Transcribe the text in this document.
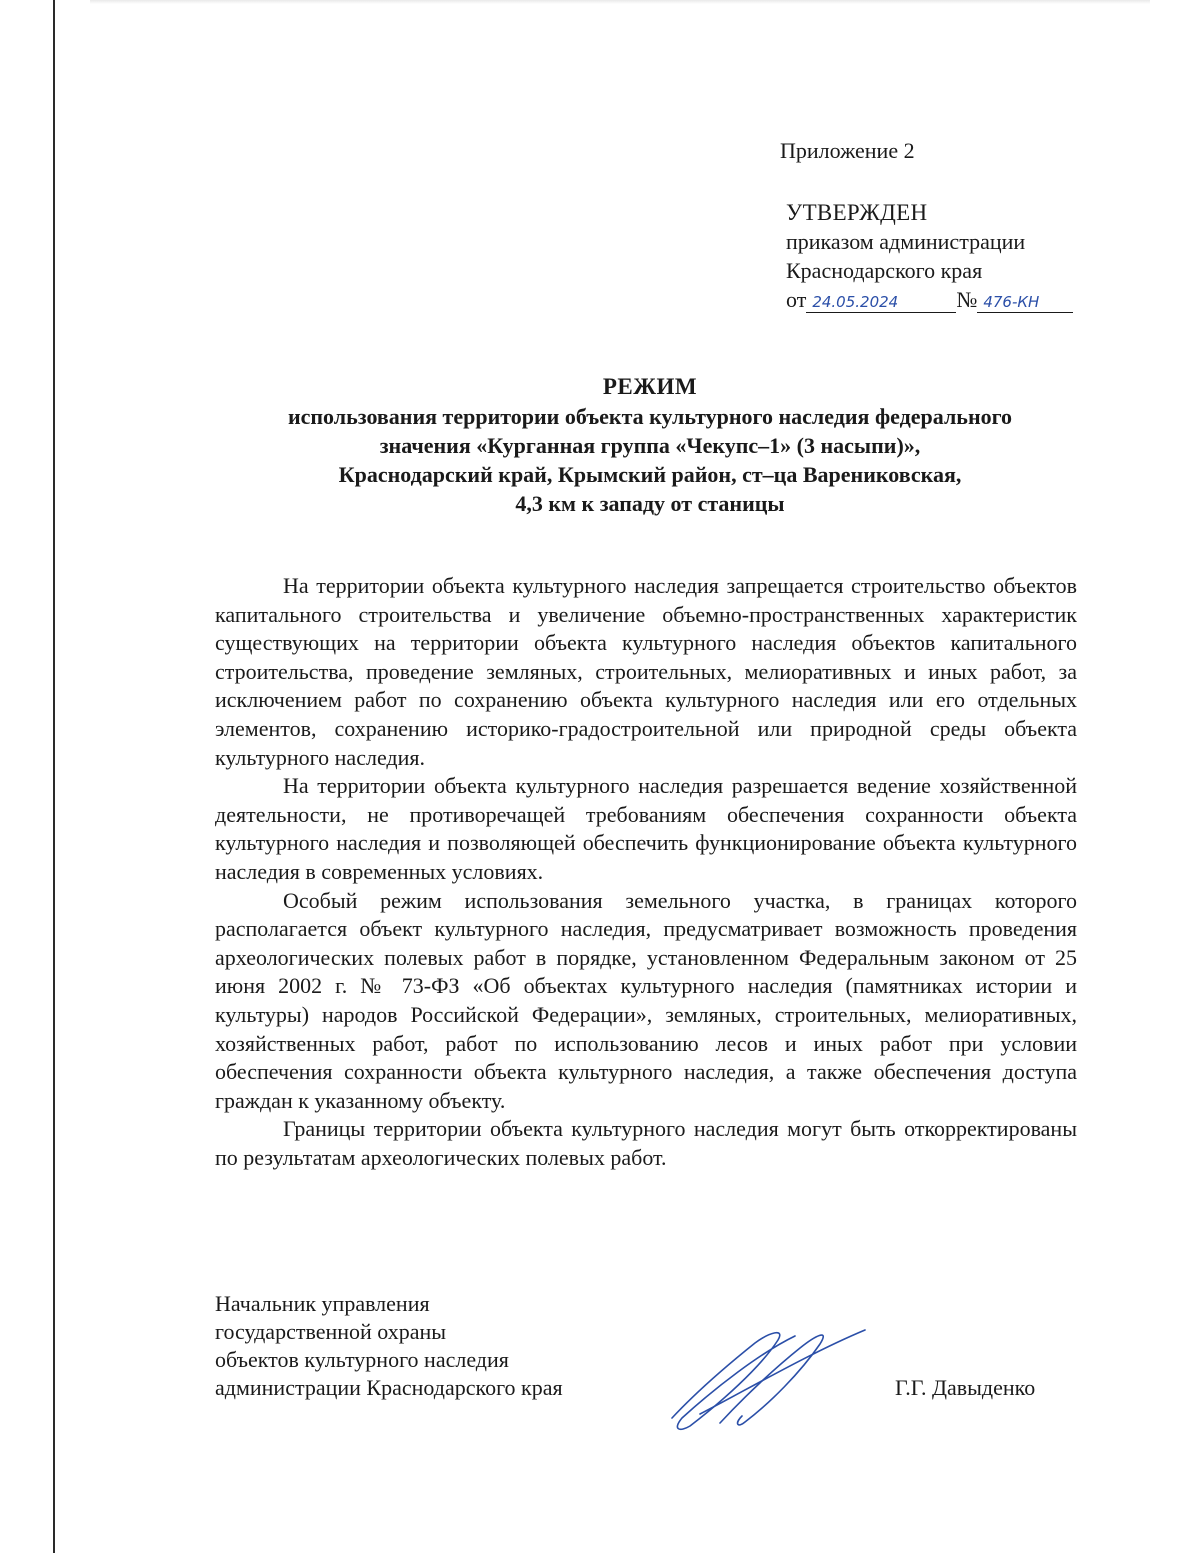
Приложение 2
УТВЕРЖДЕН
приказом администрации
Краснодарского края
от 24.05.2024	№ 476-КН
РЕЖИМ
использования территории объекта культурного наследия федерального
значения «Курганная группа «Чекупс–1» (3 насыпи)»,
Краснодарский край, Крымский район, ст–ца Варениковская,
4,3 км к западу от станицы

На территории объекта культурного наследия запрещается строительство объектов капитального строительства и увеличение объемно-пространственных характеристик существующих на территории объекта культурного наследия объектов капитального строительства, проведение земляных, строительных, мелиоративных и иных работ, за исключением работ по сохранению объекта культурного наследия или его отдельных элементов, сохранению историко-градостроительной или природной среды объекта культурного наследия.

На территории объекта культурного наследия разрешается ведение хозяйственной деятельности, не противоречащей требованиям обеспечения сохранности объекта культурного наследия и позволяющей обеспечить функционирование объекта культурного наследия в современных условиях.

Особый режим использования земельного участка, в границах которого располагается объект культурного наследия, предусматривает возможность проведения археологических полевых работ в порядке, установленном Федеральным законом от 25 июня 2002 г. № 73-ФЗ «Об объектах культурного наследия (памятниках истории и культуры) народов Российской Федерации», земляных, строительных, мелиоративных, хозяйственных работ, работ по использованию лесов и иных работ при условии обеспечения сохранности объекта культурного наследия, а также обеспечения доступа граждан к указанному объекту.

Границы территории объекта культурного наследия могут быть откорректированы по результатам археологических полевых работ.

Начальник управления
государственной охраны
объектов культурного наследия
администрации Краснодарского края	Г.Г. Давыденко
